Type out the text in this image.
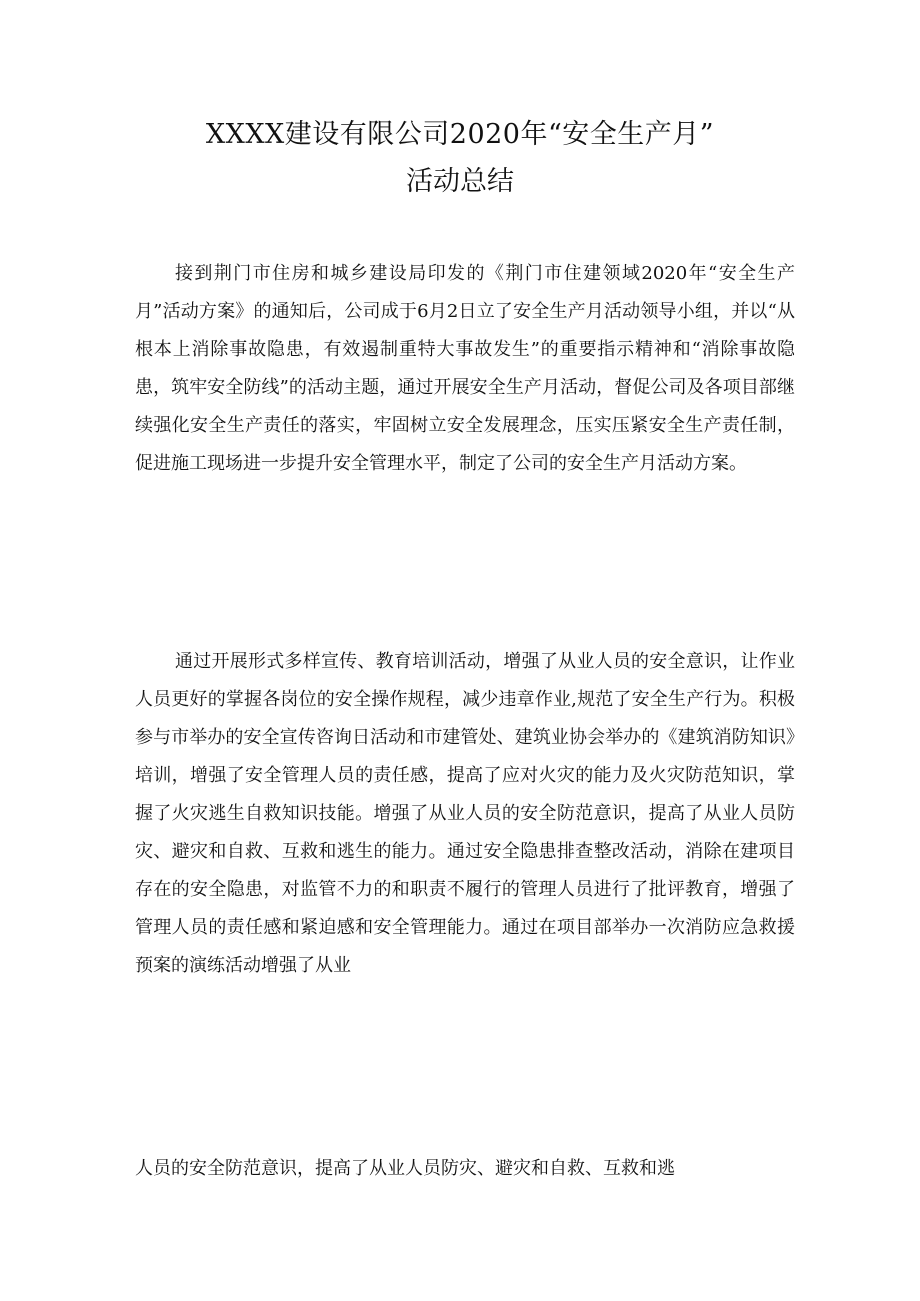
XXXX建设有限公司2020年“安全生产月”
活动总结

接到荆门市住房和城乡建设局印发的《荆门市住建领域2020年“安全生产月”活动方案》的通知后，公司成于6月2日立了安全生产月活动领导小组，并以“从根本上消除事故隐患，有效遏制重特大事故发生”的重要指示精神和“消除事故隐患，筑牢安全防线”的活动主题，通过开展安全生产月活动，督促公司及各项目部继续强化安全生产责任的落实，牢固树立安全发展理念，压实压紧安全生产责任制，促进施工现场进一步提升安全管理水平，制定了公司的安全生产月活动方案。

通过开展形式多样宣传、教育培训活动，增强了从业人员的安全意识，让作业人员更好的掌握各岗位的安全操作规程，减少违章作业,规范了安全生产行为。积极参与市举办的安全宣传咨询日活动和市建管处、建筑业协会举办的《建筑消防知识》培训，增强了安全管理人员的责任感，提高了应对火灾的能力及火灾防范知识，掌握了火灾逃生自救知识技能。增强了从业人员的安全防范意识，提高了从业人员防灾、避灾和自救、互救和逃生的能力。通过安全隐患排查整改活动，消除在建项目存在的安全隐患，对监管不力的和职责不履行的管理人员进行了批评教育，增强了管理人员的责任感和紧迫感和安全管理能力。通过在项目部举办一次消防应急救援预案的演练活动增强了从业

人员的安全防范意识，提高了从业人员防灾、避灾和自救、互救和逃
